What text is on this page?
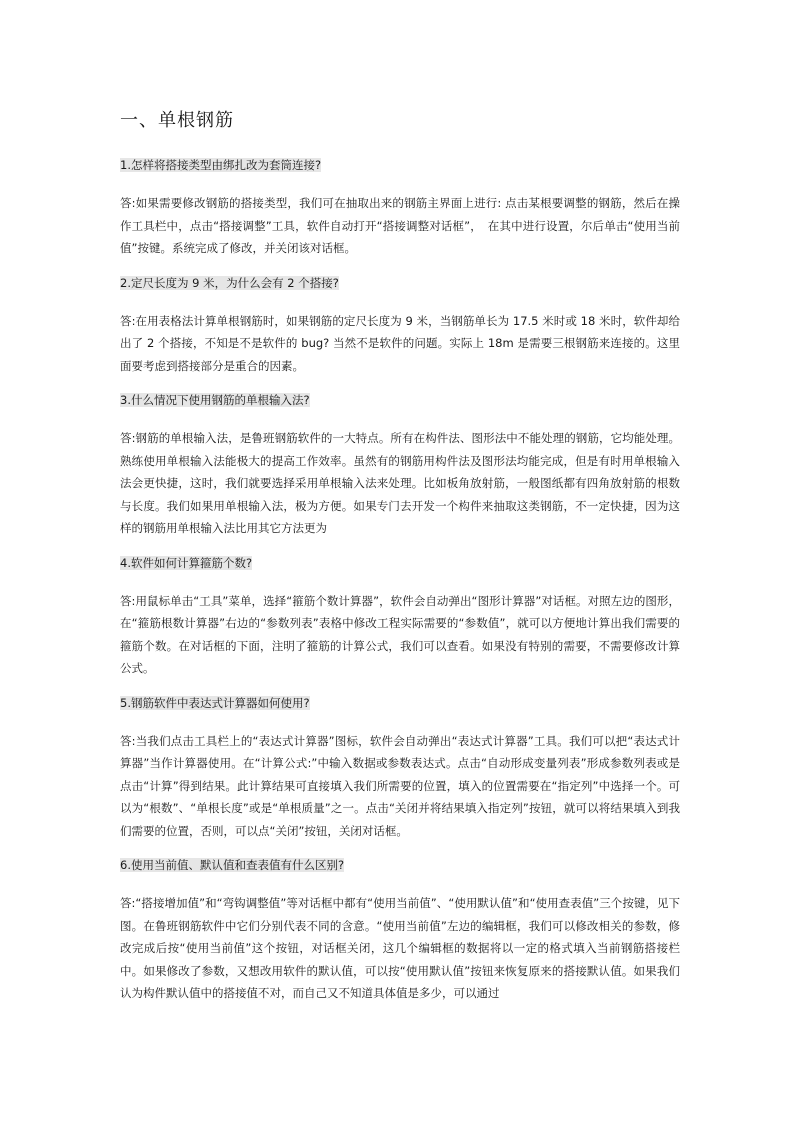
一、单根钢筋

1.怎样将搭接类型由绑扎改为套筒连接?

答:如果需要修改钢筋的搭接类型，我们可在抽取出来的钢筋主界面上进行: 点击某根要调整的钢筋，然后在操作工具栏中，点击“搭接调整”工具，软件自动打开“搭接调整对话框”，　在其中进行设置，尔后单击“使用当前值”按键。系统完成了修改，并关闭该对话框。

2.定尺长度为 9 米，为什么会有 2 个搭接?

答:在用表格法计算单根钢筋时，如果钢筋的定尺长度为 9 米，当钢筋单长为 17.5 米时或 18 米时，软件却给出了 2 个搭接，不知是不是软件的 bug? 当然不是软件的问题。实际上 18m 是需要三根钢筋来连接的。这里面要考虑到搭接部分是重合的因素。

3.什么情况下使用钢筋的单根输入法?

答:钢筋的单根输入法，是鲁班钢筋软件的一大特点。所有在构件法、图形法中不能处理的钢筋，它均能处理。熟练使用单根输入法能极大的提高工作效率。虽然有的钢筋用构件法及图形法均能完成，但是有时用单根输入法会更快捷，这时，我们就要选择采用单根输入法来处理。比如板角放射筋，一般图纸都有四角放射筋的根数与长度。我们如果用单根输入法，极为方便。如果专门去开发一个构件来抽取这类钢筋，不一定快捷，因为这样的钢筋用单根输入法比用其它方法更为

4.软件如何计算箍筋个数?

答:用鼠标单击“工具”菜单，选择“箍筋个数计算器”，软件会自动弹出“图形计算器”对话框。对照左边的图形，在“箍筋根数计算器”右边的“参数列表”表格中修改工程实际需要的“参数值”，就可以方便地计算出我们需要的箍筋个数。在对话框的下面，注明了箍筋的计算公式，我们可以查看。如果没有特别的需要，不需要修改计算公式。

5.钢筋软件中表达式计算器如何使用?

答:当我们点击工具栏上的“表达式计算器”图标，软件会自动弹出“表达式计算器”工具。我们可以把“表达式计算器”当作计算器使用。在“计算公式:”中输入数据或参数表达式。点击“自动形成变量列表”形成参数列表或是点击“计算”得到结果。此计算结果可直接填入我们所需要的位置，填入的位置需要在“指定列”中选择一个。可以为“根数”、“单根长度”或是“单根质量”之一。点击“关闭并将结果填入指定列”按钮，就可以将结果填入到我们需要的位置，否则，可以点“关闭”按钮，关闭对话框。

6.使用当前值、默认值和查表值有什么区别?

答:“搭接增加值”和“弯钩调整值”等对话框中都有“使用当前值”、“使用默认值”和“使用查表值”三个按键，见下图。在鲁班钢筋软件中它们分别代表不同的含意。“使用当前值”左边的编辑框，我们可以修改相关的参数，修改完成后按“使用当前值”这个按钮，对话框关闭，这几个编辑框的数据将以一定的格式填入当前钢筋搭接栏中。如果修改了参数，又想改用软件的默认值，可以按“使用默认值”按钮来恢复原来的搭接默认值。如果我们认为构件默认值中的搭接值不对，而自己又不知道具体值是多少，可以通过
